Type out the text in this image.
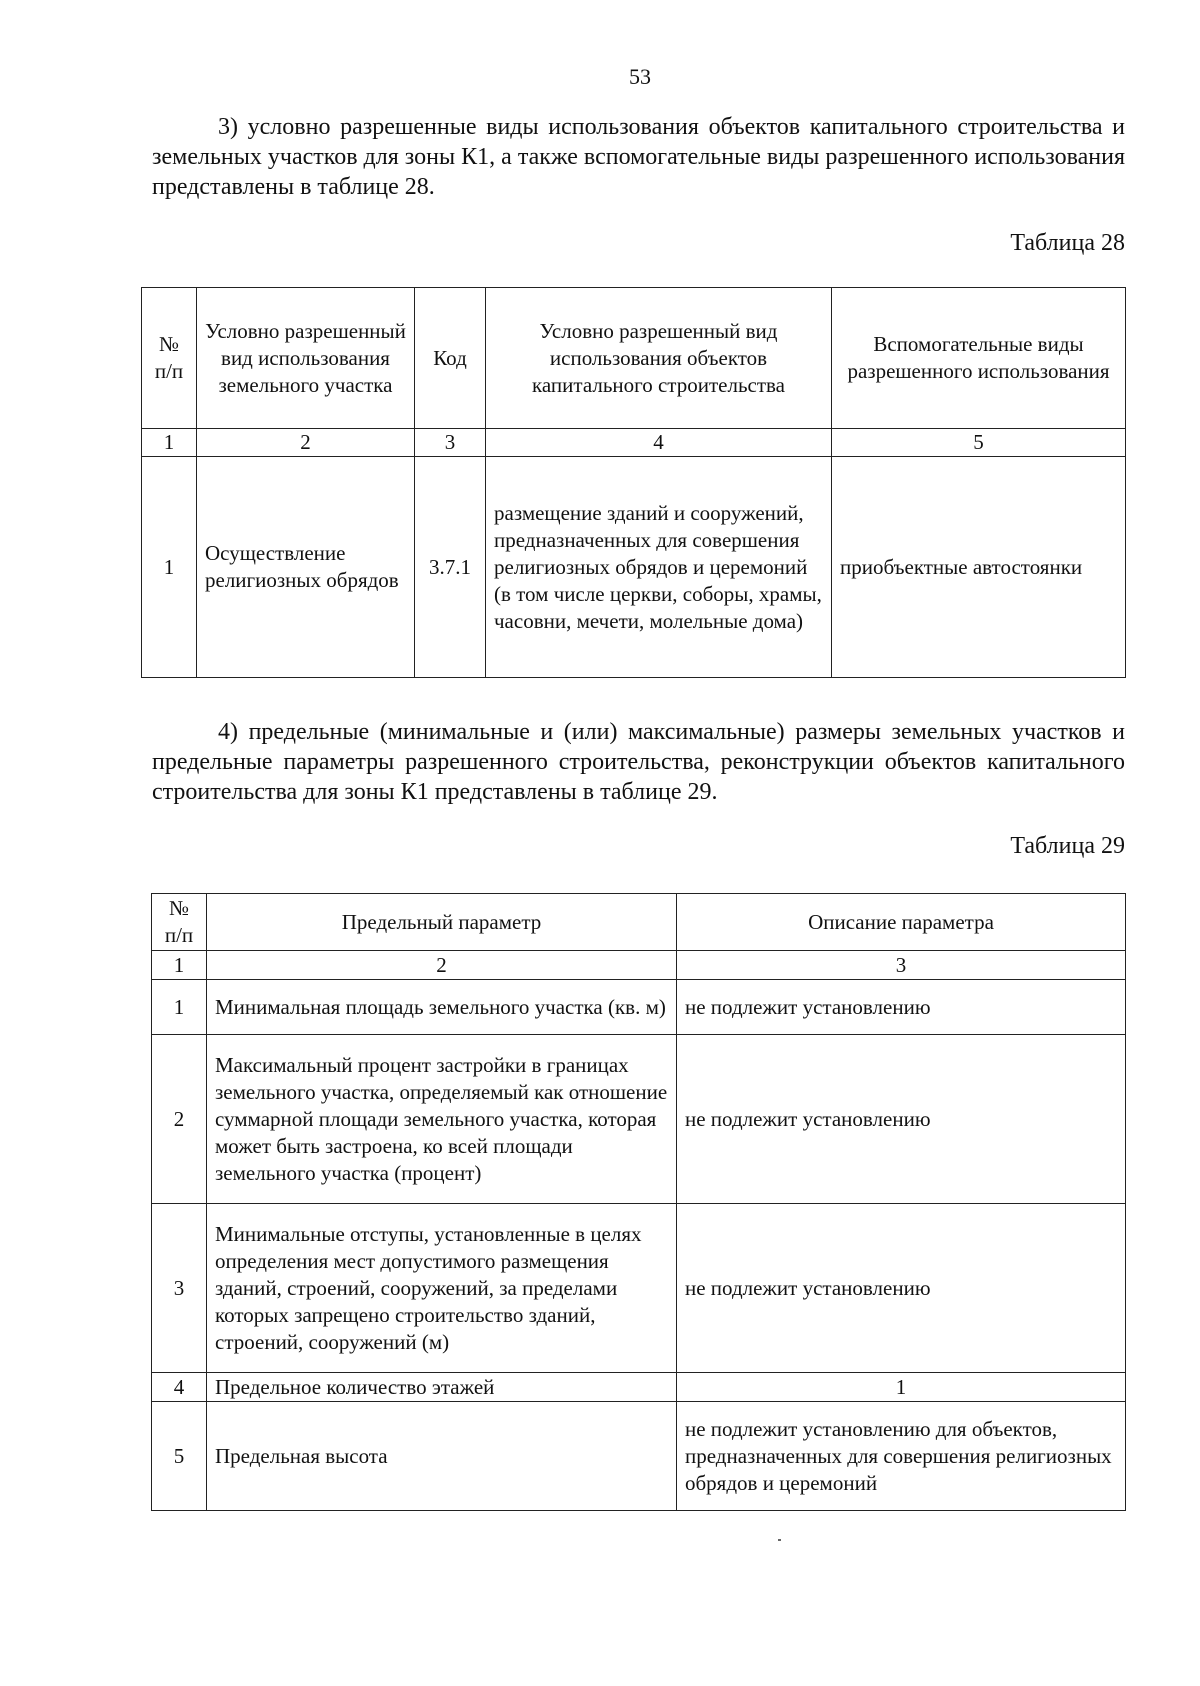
53
3) условно разрешенные виды использования объектов капитального строительства и земельных участков для зоны К1, а также вспомогательные виды разрешенного использования представлены в таблице 28.
Таблица 28
№ п/п	Условно разрешенный вид использования земельного участка	Код	Условно разрешенный вид использования объектов капитального строительства	Вспомогательные виды разрешенного использования
1	2	3	4	5
1	Осуществление религиозных обрядов	3.7.1	размещение зданий и сооружений, предназначенных для совершения религиозных обрядов и церемоний (в том числе церкви, соборы, храмы, часовни, мечети, молельные дома)	приобъектные автостоянки
4) предельные (минимальные и (или) максимальные) размеры земельных участков и предельные параметры разрешенного строительства, реконструкции объектов капитального строительства для зоны К1 представлены в таблице 29.
Таблица 29
№ п/п	Предельный параметр	Описание параметра
1	2	3
1	Минимальная площадь земельного участка (кв. м)	не подлежит установлению
2	Максимальный процент застройки в границах земельного участка, определяемый как отношение суммарной площади земельного участка, которая может быть застроена, ко всей площади земельного участка (процент)	не подлежит установлению
3	Минимальные отступы, установленные в целях определения мест допустимого размещения зданий, строений, сооружений, за пределами которых запрещено строительство зданий, строений, сооружений (м)	не подлежит установлению
4	Предельное количество этажей	1
5	Предельная высота	не подлежит установлению для объектов, предназначенных для совершения религиозных обрядов и церемоний
